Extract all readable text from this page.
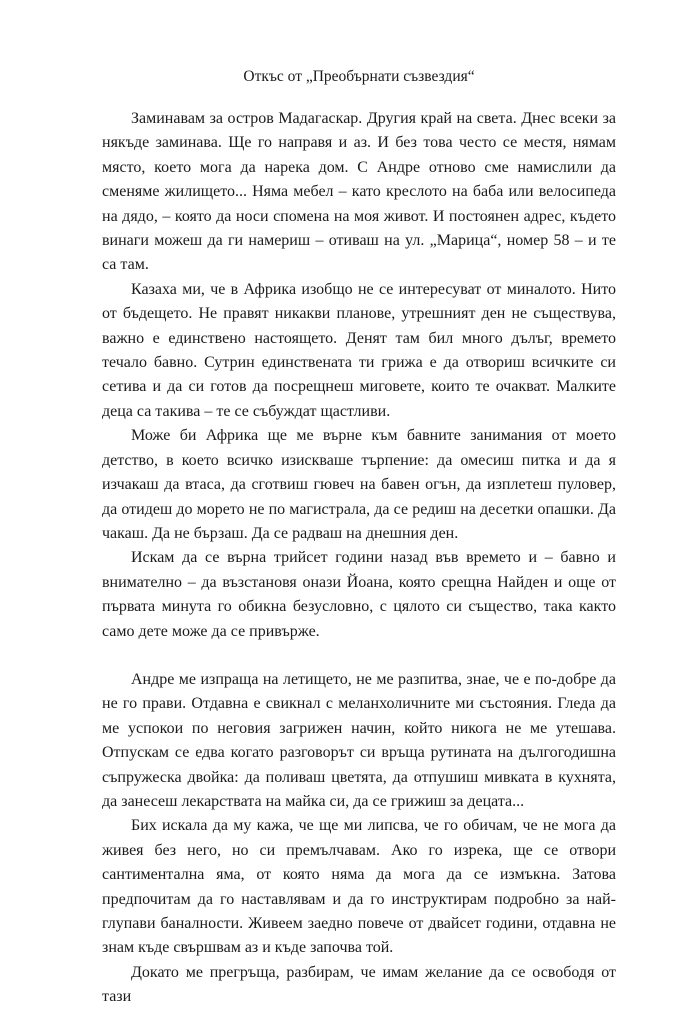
Откъс от „Преобърнати съзвездия“

Заминавам за остров Мадагаскар. Другия край на света. Днес всеки за някъде заминава. Ще го направя и аз. И без това често се местя, нямам място, което мога да нарека дом. С Андре отново сме намислили да сменяме жилището... Няма мебел – като креслото на баба или велосипеда на дядо, – която да носи спомена на моя живот. И постоянен адрес, където винаги можеш да ги намериш – отиваш на ул. „Марица“, номер 58 – и те са там.

Казаха ми, че в Африка изобщо не се интересуват от миналото. Нито от бъдещето. Не правят никакви планове, утрешният ден не съществува, важно е единствено настоящето. Денят там бил много дълъг, времето течало бавно. Сутрин единствената ти грижа е да отвориш всичките си сетива и да си готов да посрещнеш миговете, които те очакват. Малките деца са такива – те се събуждат щастливи.

Може би Африка ще ме върне към бавните занимания от моето детство, в което всичко изискваше търпение: да омесиш питка и да я изчакаш да втаса, да сготвиш гювеч на бавен огън, да изплетеш пуловер, да отидеш до морето не по магистрала, да се редиш на десетки опашки. Да чакаш. Да не бързаш. Да се радваш на днешния ден.

Искам да се върна трийсет години назад във времето и – бавно и внимателно – да възстановя онази Йоана, която срещна Найден и още от първата минута го обикна безусловно, с цялото си същество, така както само дете може да се привърже.

Андре ме изпраща на летището, не ме разпитва, знае, че е по-добре да не го прави. Отдавна е свикнал с меланхоличните ми състояния. Гледа да ме успокои по неговия загрижен начин, който никога не ме утешава. Отпускам се едва когато разговорът си връща рутината на дългогодишна съпружеска двойка: да поливаш цветята, да отпушиш мивката в кухнята, да занесеш лекарствата на майка си, да се грижиш за децата...

Бих искала да му кажа, че ще ми липсва, че го обичам, че не мога да живея без него, но си премълчавам. Ако го изрека, ще се отвори сантиментална яма, от която няма да мога да се измъкна. Затова предпочитам да го наставлявам и да го инструктирам подробно за най-глупави баналности. Живеем заедно повече от двайсет години, отдавна не знам къде свършвам аз и къде започва той.

Докато ме прегръща, разбирам, че имам желание да се освободя от тази
